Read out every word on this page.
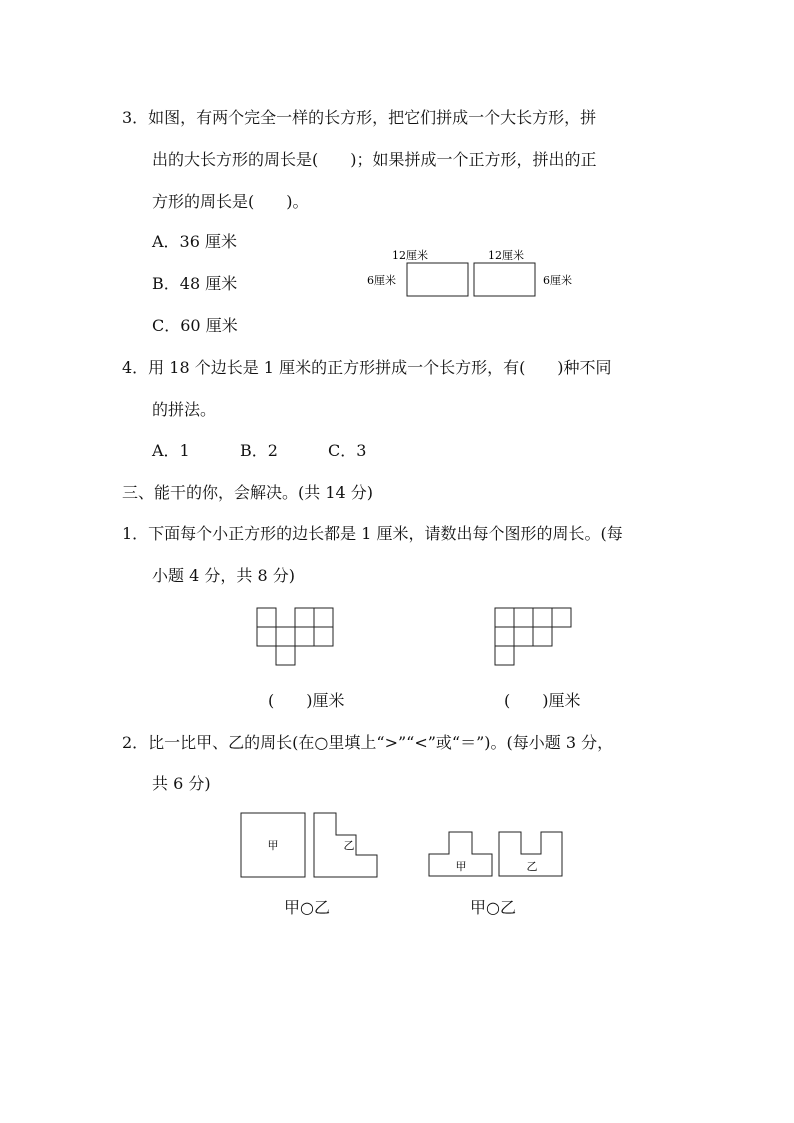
3．如图，有两个完全一样的长方形，把它们拼成一个大长方形，拼
出的大长方形的周长是(　　)；如果拼成一个正方形，拼出的正
方形的周长是(　　)。
A．36 厘米
B．48 厘米
C．60 厘米
12厘米	12厘米
6厘米	6厘米
4．用 18 个边长是 1 厘米的正方形拼成一个长方形，有(　　)种不同
的拼法。
A．1	B．2	C．3
三、能干的你，会解决。(共 14 分)
1．下面每个小正方形的边长都是 1 厘米，请数出每个图形的周长。(每
小题 4 分，共 8 分)
(　　)厘米	(　　)厘米
2．比一比甲、乙的周长(在○里填上“>”“<”或“＝”)。(每小题 3 分，
共 6 分)
甲	乙
甲	乙
甲○乙	甲○乙
